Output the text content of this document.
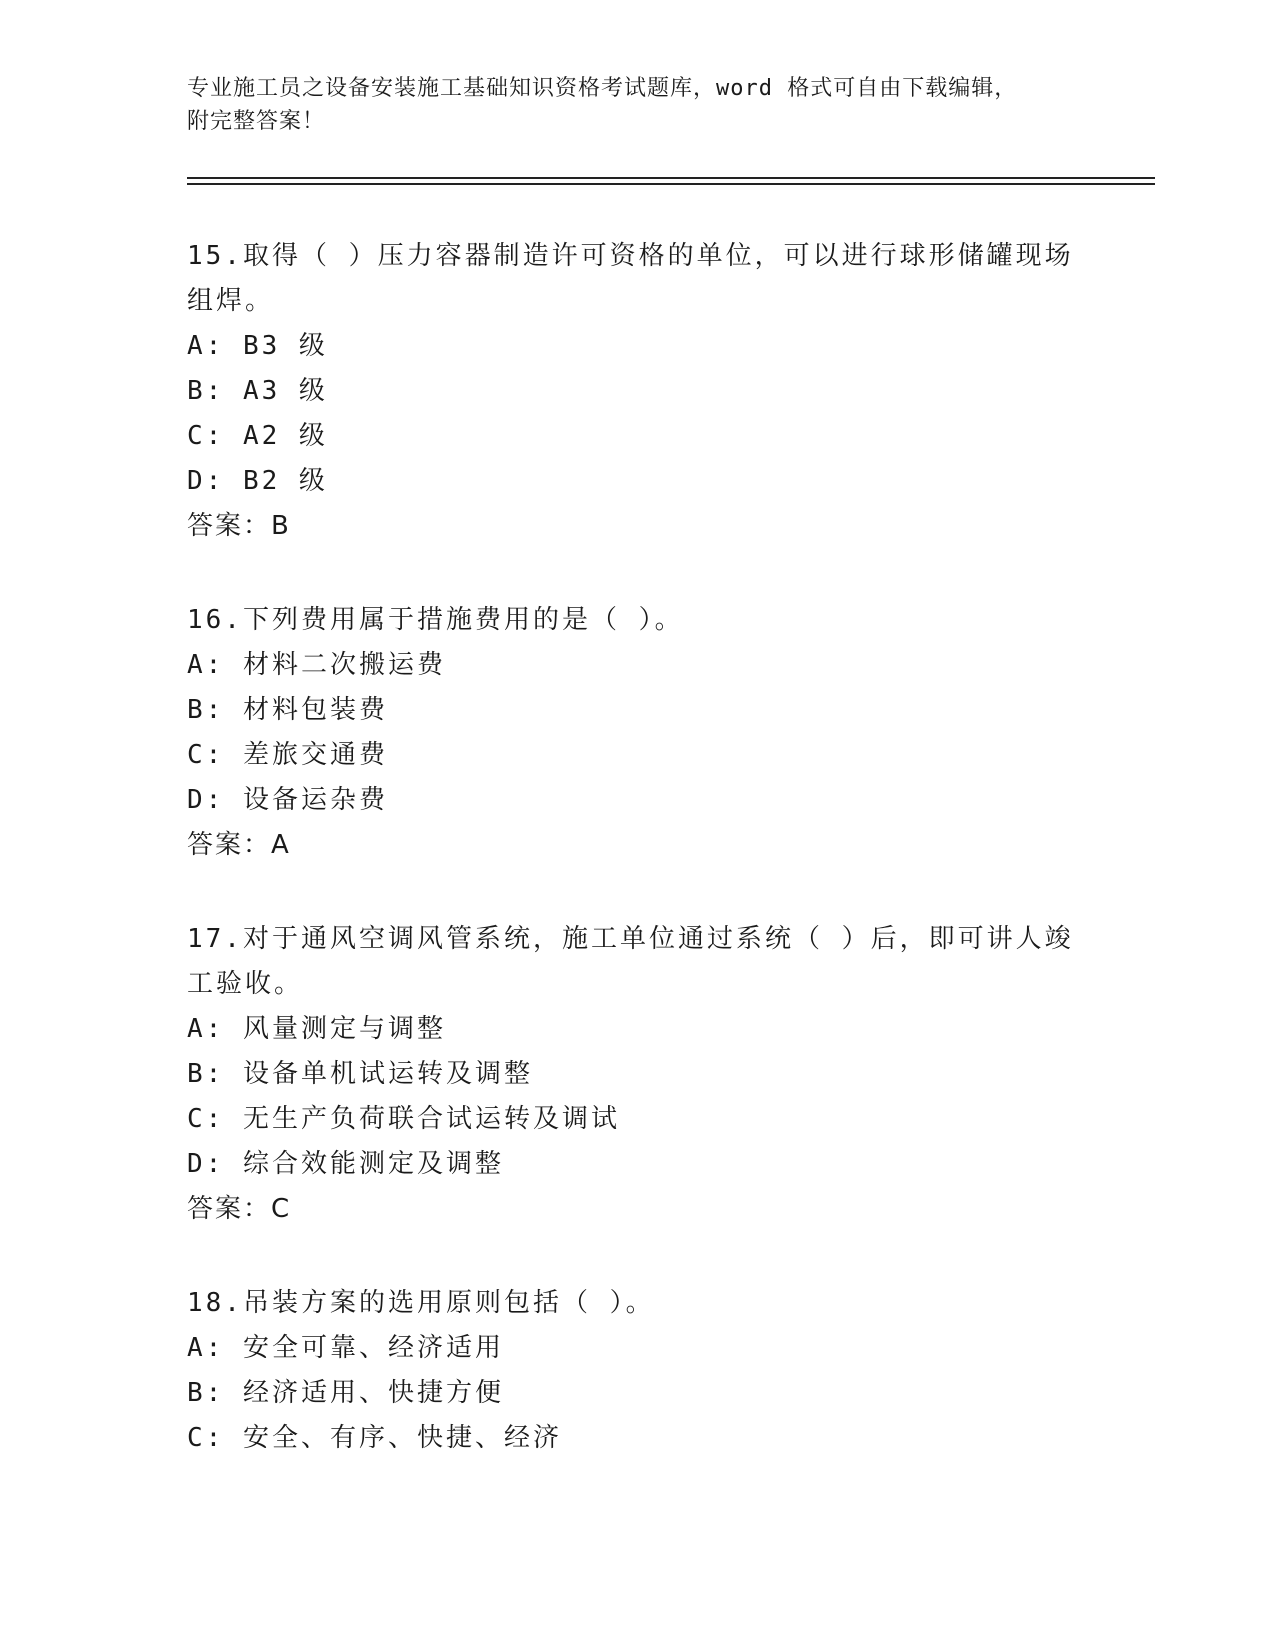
专业施工员之设备安装施工基础知识资格考试题库，word 格式可自由下载编辑，
附完整答案！

15.取得（ ）压力容器制造许可资格的单位，可以进行球形储罐现场组焊。

A: B3 级

B: A3 级

C: A2 级

D: B2 级

答案：B

16.下列费用属于措施费用的是（ ）。

A: 材料二次搬运费

B: 材料包装费

C: 差旅交通费

D: 设备运杂费

答案：A

17.对于通风空调风管系统，施工单位通过系统（ ）后，即可讲人竣工验收。

A: 风量测定与调整

B: 设备单机试运转及调整

C: 无生产负荷联合试运转及调试

D: 综合效能测定及调整

答案：C

18.吊装方案的选用原则包括（ ）。

A: 安全可靠、经济适用

B: 经济适用、快捷方便

C: 安全、有序、快捷、经济
